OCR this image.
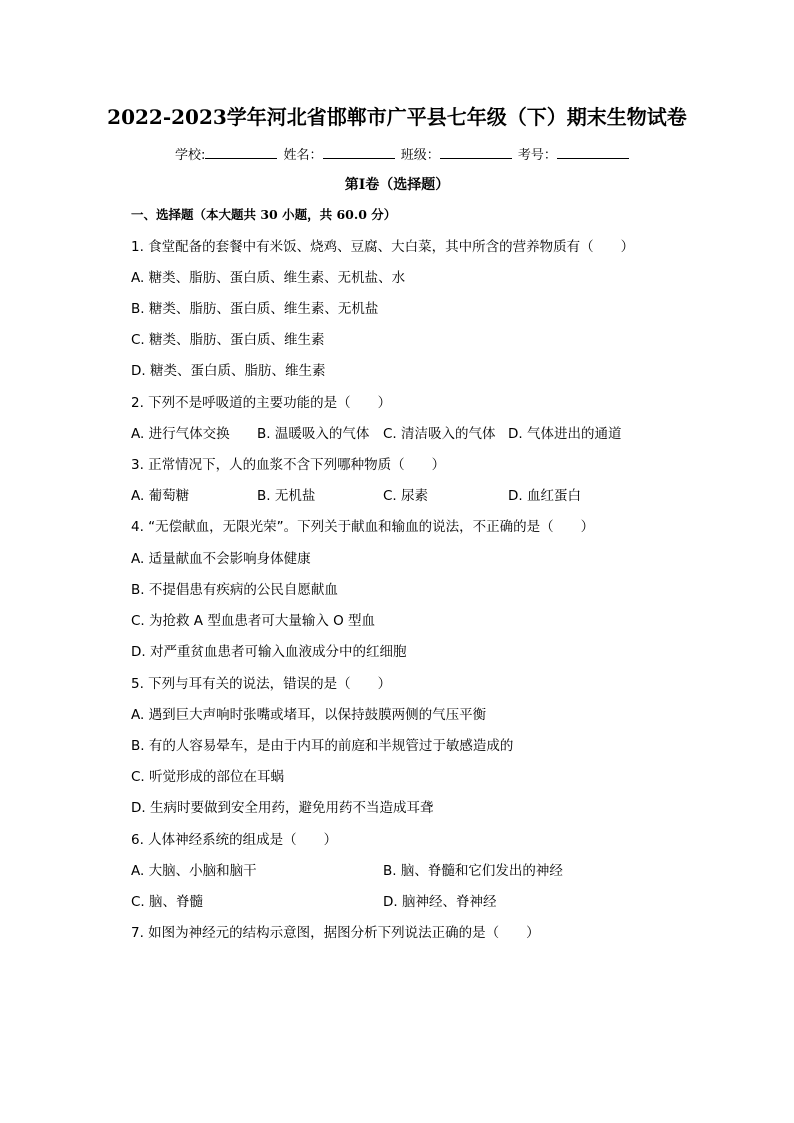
2022-2023学年河北省邯郸市广平县七年级（下）期末生物试卷
学校:	姓名：	班级：	考号：
第I卷（选择题）
一、选择题（本大题共 30 小题，共 60.0 分）
1. 食堂配备的套餐中有米饭、烧鸡、豆腐、大白菜，其中所含的营养物质有（　　）
A. 糖类、脂肪、蛋白质、维生素、无机盐、水
B. 糖类、脂肪、蛋白质、维生素、无机盐
C. 糖类、脂肪、蛋白质、维生素
D. 糖类、蛋白质、脂肪、维生素
2. 下列不是呼吸道的主要功能的是（　　）
A. 进行气体交换 B. 温暖吸入的气体 C. 清洁吸入的气体 D. 气体进出的通道
3. 正常情况下，人的血浆不含下列哪种物质（　　）
A. 葡萄糖	B. 无机盐	C. 尿素	D. 血红蛋白
4. “无偿献血，无限光荣”。下列关于献血和输血的说法，不正确的是（　　）
A. 适量献血不会影响身体健康
B. 不提倡患有疾病的公民自愿献血
C. 为抢救 A 型血患者可大量输入 O 型血
D. 对严重贫血患者可输入血液成分中的红细胞
5. 下列与耳有关的说法，错误的是（　　）
A. 遇到巨大声响时张嘴或堵耳，以保持鼓膜两侧的气压平衡
B. 有的人容易晕车，是由于内耳的前庭和半规管过于敏感造成的
C. 听觉形成的部位在耳蜗
D. 生病时要做到安全用药，避免用药不当造成耳聋
6. 人体神经系统的组成是（　　）
A. 大脑、小脑和脑干	B. 脑、脊髓和它们发出的神经
C. 脑、脊髓	D. 脑神经、脊神经
7. 如图为神经元的结构示意图，据图分析下列说法正确的是（　　）
